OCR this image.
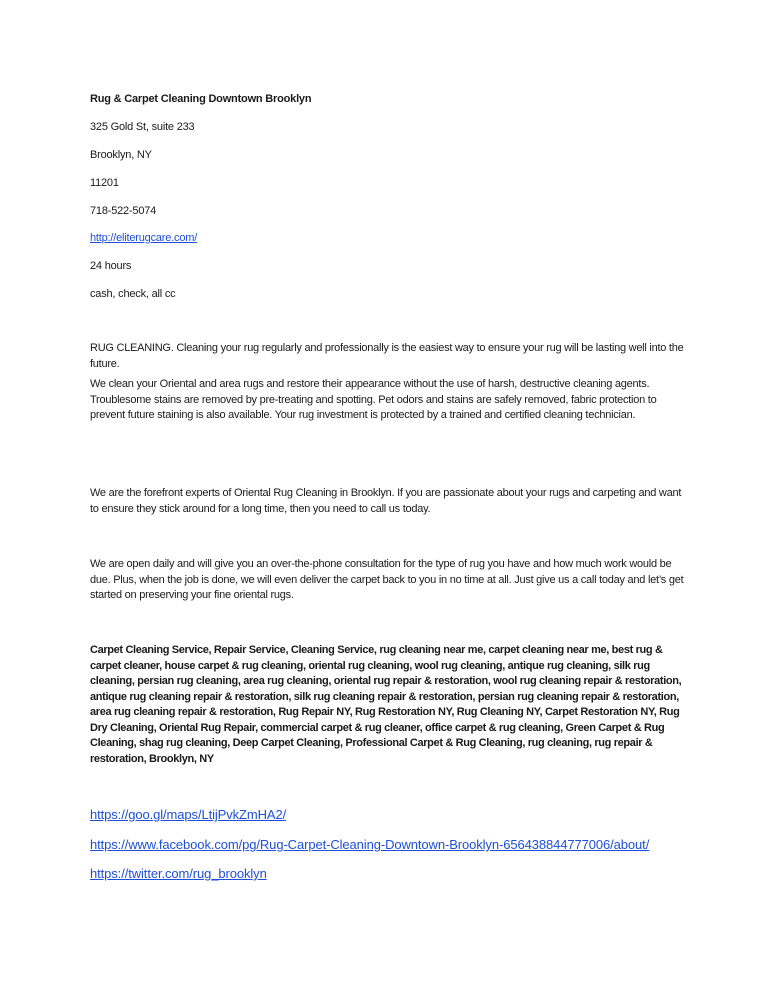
Rug & Carpet Cleaning Downtown Brooklyn
325 Gold St, suite 233
Brooklyn, NY
11201
718-522-5074
http://eliterugcare.com/
24 hours
cash, check, all cc

RUG CLEANING. Cleaning your rug regularly and professionally is the easiest way to ensure your rug will be lasting well into the future.

We clean your Oriental and area rugs and restore their appearance without the use of harsh, destructive cleaning agents. Troublesome stains are removed by pre-treating and spotting. Pet odors and stains are safely removed, fabric protection to prevent future staining is also available. Your rug investment is protected by a trained and certified cleaning technician.

We are the forefront experts of Oriental Rug Cleaning in Brooklyn. If you are passionate about your rugs and carpeting and want to ensure they stick around for a long time, then you need to call us today.
We are open daily and will give you an over-the-phone consultation for the type of rug you have and how much work would be due. Plus, when the job is done, we will even deliver the carpet back to you in no time at all. Just give us a call today and let’s get started on preserving your fine oriental rugs.
Carpet Cleaning Service, Repair Service, Cleaning Service, rug cleaning near me, carpet cleaning near me, best rug & carpet cleaner, house carpet & rug cleaning, oriental rug cleaning, wool rug cleaning, antique rug cleaning, silk rug cleaning, persian rug cleaning, area rug cleaning, oriental rug repair & restoration, wool rug cleaning repair & restoration, antique rug cleaning repair & restoration, silk rug cleaning repair & restoration, persian rug cleaning repair & restoration, area rug cleaning repair & restoration, Rug Repair NY, Rug Restoration NY, Rug Cleaning NY, Carpet Restoration NY, Rug Dry Cleaning, Oriental Rug Repair, commercial carpet & rug cleaner, office carpet & rug cleaning, Green Carpet & Rug Cleaning, shag rug cleaning, Deep Carpet Cleaning, Professional Carpet & Rug Cleaning, rug cleaning, rug repair & restoration, Brooklyn, NY
https://goo.gl/maps/LtijPvkZmHA2/
https://www.facebook.com/pg/Rug-Carpet-Cleaning-Downtown-Brooklyn-656438844777006/about/
https://twitter.com/rug_brooklyn
